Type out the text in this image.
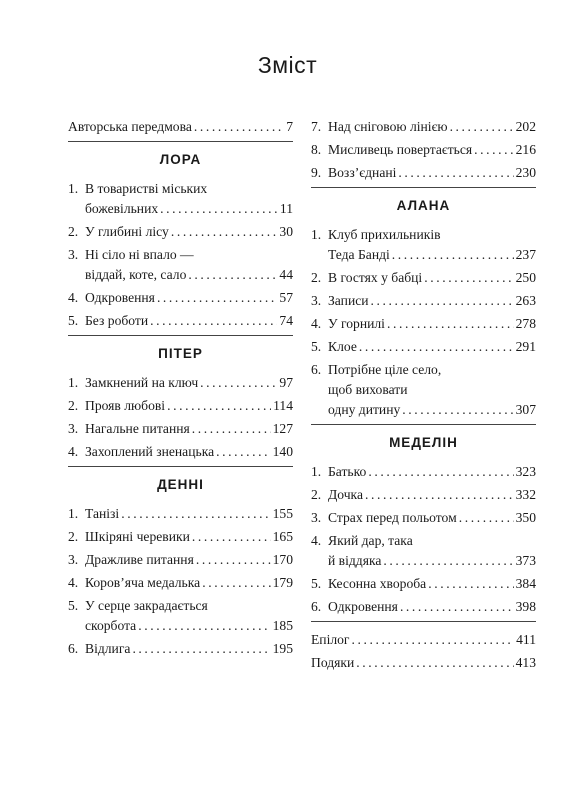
Зміст
Авторська передмова . . .	7
ЛОРА
1. В товаристві міських
божевільних . . .	11
2. У глибині лісу . . .	30
3. Ні сіло ні впало —
віддай, коте, сало . . .	44
4. Одкровення . . .	57
5. Без роботи . . .	74
ПІТЕР
1. Замкнений на ключ . . .	97
2. Прояв любові . . .	114
3. Нагальне питання . . .	127
4. Захоплений зненацька . . .	140
ДЕННІ
1. Танізі . . .	155
2. Шкіряні черевики . . .	165
3. Дражливе питання . . .	170
4. Коров’яча медалька . . .	179
5. У серце закрадається
скорбота . . .	185
6. Відлига . . .	195
7. Над сніговою лінією . . .	202
8. Мисливець повертається . . .	216
9. Возз’єднані . . .	230
АЛАНА
1. Клуб прихильників
Теда Банді . . .	237
2. В гостях у бабці . . .	250
3. Записи . . .	263
4. У горнилі . . .	278
5. Клое . . .	291
6. Потрібне ціле село,
щоб виховати
одну дитину . . .	307
МЕДЕЛІН
1. Батько . . .	323
2. Дочка . . .	332
3. Страх перед польотом . . .	350
4. Який дар, така
й віддяка . . .	373
5. Кесонна хвороба . . .	384
6. Одкровення . . .	398
Епілог . . .	411
Подяки . . .	413
